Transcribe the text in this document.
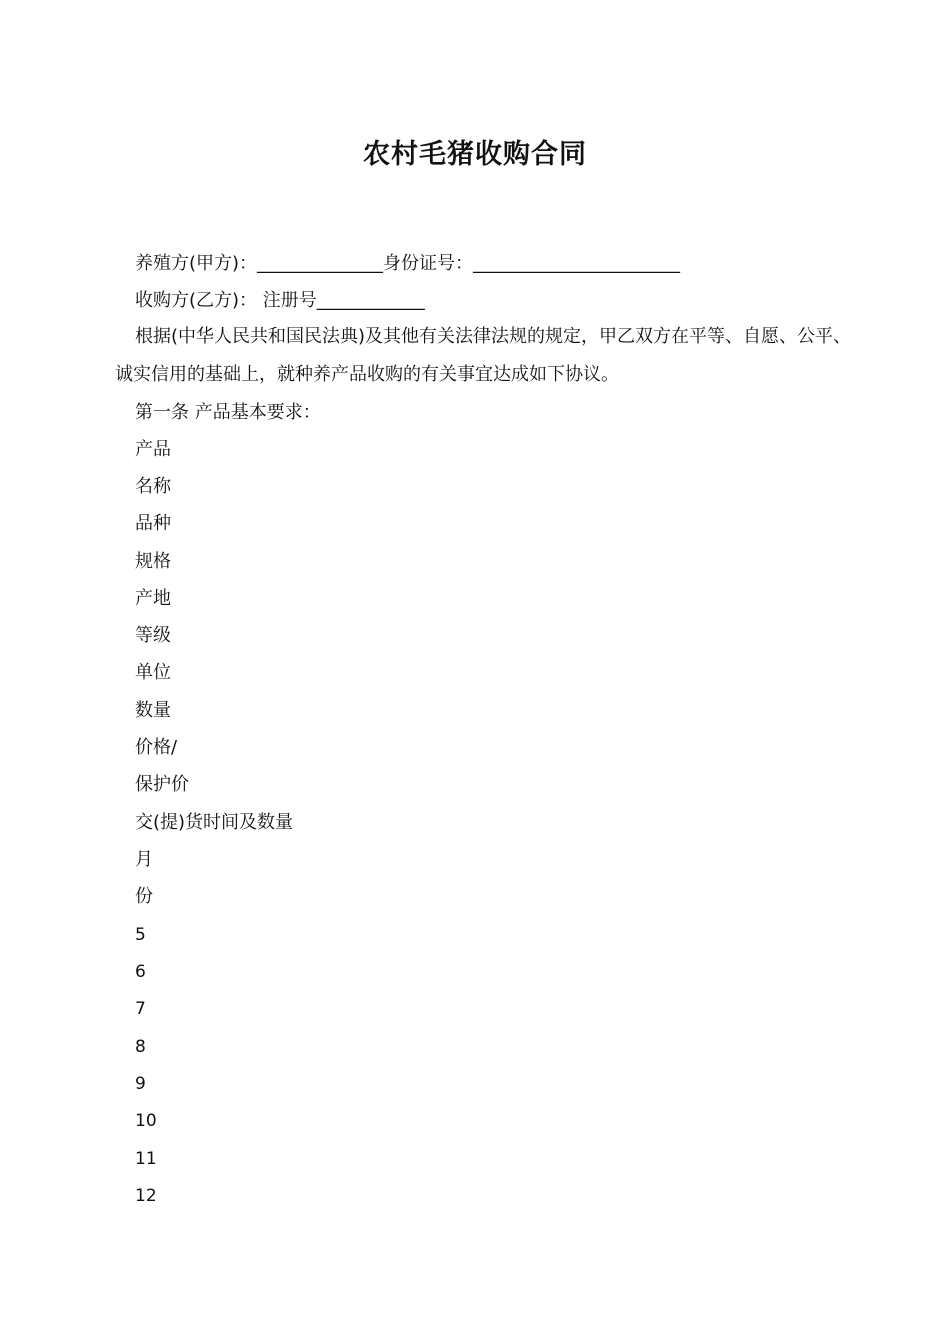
农村毛猪收购合同
养殖方(甲方)：______________身份证号：_______________________
收购方(乙方)： 注册号____________
根据(中华人民共和国民法典)及其他有关法律法规的规定，甲乙双方在平等、自愿、公平、诚实信用的基础上，就种养产品收购的有关事宜达成如下协议。
第一条 产品基本要求：
产品
名称
品种
规格
产地
等级
单位
数量
价格/
保护价
交(提)货时间及数量
月
份
5
6
7
8
9
10
11
12
